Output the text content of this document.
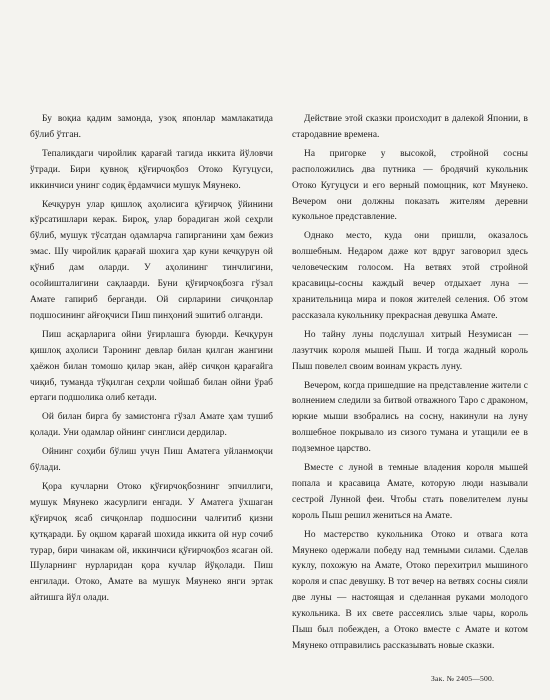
Бу воқиа қадим замонда, узоқ японлар мамлакатида бўлиб ўтган.

Тепаликдаги чиройлик қарағай тагида иккита йўловчи ўтради. Бири қувноқ қўғирчоқбоз Отоко Кугуцуси, иккинчиси унинг содиқ ёрдамчиси мушук Мяунеко.

Кечқурун улар қишлоқ аҳолисига қўғирчоқ ўйинини кўрсатишлари керак. Бироқ, улар борадиган жой сеҳрли бўлиб, мушук тўсатдан одамларча гапирганини ҳам бежиз эмас. Шу чиройлик қарағай шохига ҳар куни кечқурун ой қўниб дам оларди. У аҳолининг тинчлигини, осойишталигини сақлаарди. Буни қўғирчоқбозга гўзал Амате гапириб берганди. Ой сирларини сичқонлар подшосининг айғоқчиси Пиш пинҳоний эшитиб олганди.

Пиш асқарларига ойни ўғирлашга буюрди. Кечқурун қишлоқ аҳолиси Таронинг девлар билан қилган жангини ҳаёжон билан томошо қилар экан, айёр сичқон қарағайга чиқиб, туманда тўқилган сеҳрли чойшаб билан ойни ўраб ертаги подшолика олиб кетади.

Ой билан бирга бу замистонга гўзал Амате ҳам тушиб қолади. Уни одамлар ойнинг синглиси дердилар.

Ойнинг соҳиби бўлиш учун Пиш Аматега уйланмоқчи бўлади.

Қора кучларни Отоко қўғирчоқбознинг эпчиллиги, мушук Мяунеко жасурлиги енгади. У Аматега ўхшаган қўғирчоқ ясаб сичқонлар подшосини чалғитиб қизни қутқаради. Бу оқшом қарағай шохида иккита ой нур сочиб турар, бири чинакам ой, иккинчиси қўғирчоқбоз ясаган ой. Шуларнинг нурларидан қора кучлар йўқолади. Пиш енгилади. Отоко, Амате ва мушук Мяунеко янги эртак айтишга йўл олади.

Действие этой сказки происходит в далекой Японии, в стародавние времена.

На пригорке у высокой, стройной сосны расположились два путника — бродячий кукольник Отоко Кугуцуси и его верный помощник, кот Мяунеко. Вечером они должны показать жителям деревни кукольное представление.

Однако место, куда они пришли, оказалось волшебным. Недаром даже кот вдруг заговорил здесь человеческим голосом. На ветвях этой стройной красавицы-сосны каждый вечер отдыхает луна — хранительница мира и покоя жителей селения. Об этом рассказала кукольнику прекрасная девушка Амате.

Но тайну луны подслушал хитрый Незумисан — лазутчик короля мышей Пыш. И тогда жадный король Пыш повелел своим воинам украсть луну.

Вечером, когда пришедшие на представление жители с волнением следили за битвой отважного Таро с драконом, юркие мыши взобрались на сосну, накинули на луну волшебное покрывало из сизого тумана и утащили ее в подземное царство.

Вместе с луной в темные владения короля мышей попала и красавица Амате, которую люди называли сестрой Лунной феи. Чтобы стать повелителем луны король Пыш решил жениться на Амате.

Но мастерство кукольника Отоко и отвага кота Мяунеко одержали победу над темными силами. Сделав куклу, похожую на Амате, Отоко перехитрил мышиного короля и спас девушку. В тот вечер на ветвях сосны сияли две луны — настоящая и сделанная руками молодого кукольника. В их свете рассеялись злые чары, король Пыш был побежден, а Отоко вместе с Амате и котом Мяунеко отправились рассказывать новые сказки.

Зак. № 2405—500.
